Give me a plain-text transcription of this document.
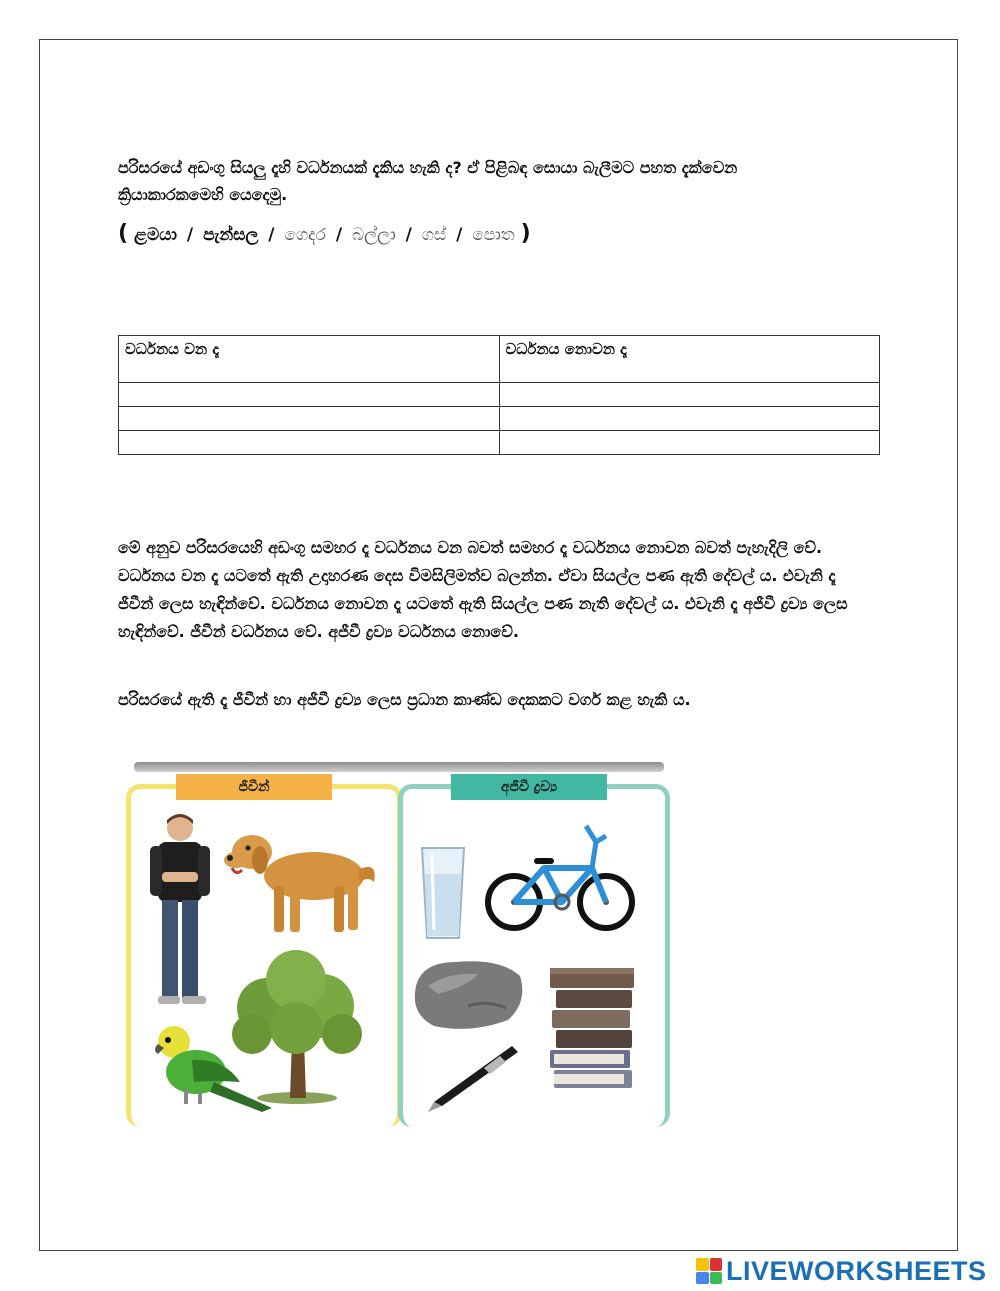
පරිසරයේ අඩංගු සියලු දෑහි වර්ධනයක් දැකිය හැකි ද? ඒ පිළිබඳ සොයා බැලීමට පහත දැක්වෙන ක්‍රියාකාරකමෙහි යෙදෙමු.

( ළමයා / පැන්සල / ගෙදර / බල්ලා / ගස් / පොත )

වර්ධනය වන දෑ	වර්ධනය නොවන දෑ

මේ අනුව පරිසරයෙහි අඩංගු සමහර දෑ වර්ධනය වන බවත් සමහර දෑ වර්ධනය නොවන බවත් පැහැදිලි වේ. වර්ධනය වන දෑ යටතේ ඇති උදාහරණ දෙස විමසිලිමත්ව බලන්න. ඒවා සියල්ල පණ ඇති දේවල් ය. එවැනි දෑ ජීවීන් ලෙස හැඳින්වේ. වර්ධනය නොවන දෑ යටතේ ඇති සියල්ල පණ නැති දේවල් ය. එවැනි දෑ අජීවී ද්‍රව්‍ය ලෙස හැඳින්වේ. ජීවීන් වර්ධනය වේ. අජීවී ද්‍රව්‍ය වර්ධනය නොවේ.

පරිසරයේ ඇති දෑ ජීවීන් හා අජීවී ද්‍රව්‍ය ලෙස ප්‍රධාන කාණ්ඩ දෙකකට වර්ග කළ හැකි ය.

ජීවීන්	අජීවී ද්‍රව්‍ය
LIVEWORKSHEETS
